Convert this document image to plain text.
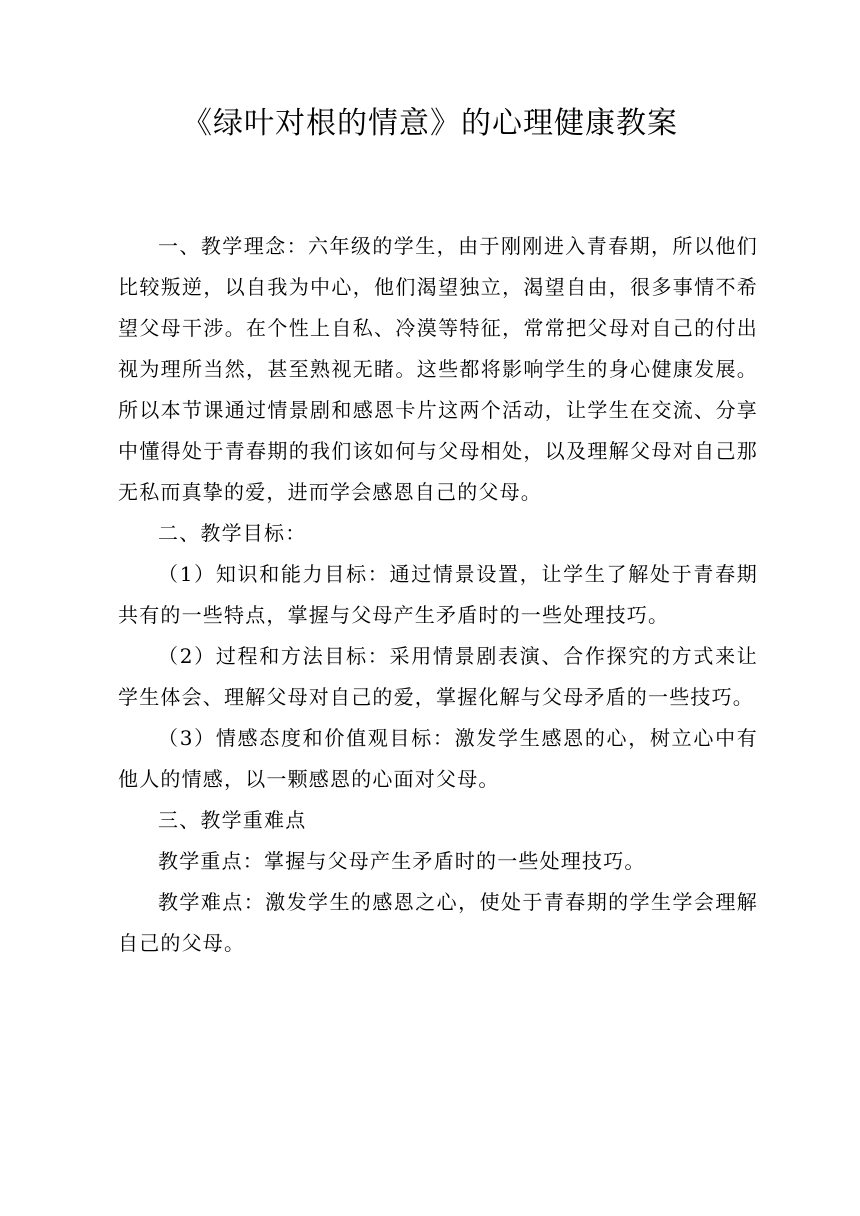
《绿叶对根的情意》的心理健康教案

一、教学理念：六年级的学生，由于刚刚进入青春期，所以他们比较叛逆，以自我为中心，他们渴望独立，渴望自由，很多事情不希望父母干涉。在个性上自私、冷漠等特征，常常把父母对自己的付出视为理所当然，甚至熟视无睹。这些都将影响学生的身心健康发展。所以本节课通过情景剧和感恩卡片这两个活动，让学生在交流、分享中懂得处于青春期的我们该如何与父母相处，以及理解父母对自己那无私而真挚的爱，进而学会感恩自己的父母。

二、教学目标：

（1）知识和能力目标：通过情景设置，让学生了解处于青春期共有的一些特点，掌握与父母产生矛盾时的一些处理技巧。

（2）过程和方法目标：采用情景剧表演、合作探究的方式来让学生体会、理解父母对自己的爱，掌握化解与父母矛盾的一些技巧。

（3）情感态度和价值观目标：激发学生感恩的心，树立心中有他人的情感，以一颗感恩的心面对父母。

三、教学重难点

教学重点：掌握与父母产生矛盾时的一些处理技巧。

教学难点：激发学生的感恩之心，使处于青春期的学生学会理解自己的父母。
